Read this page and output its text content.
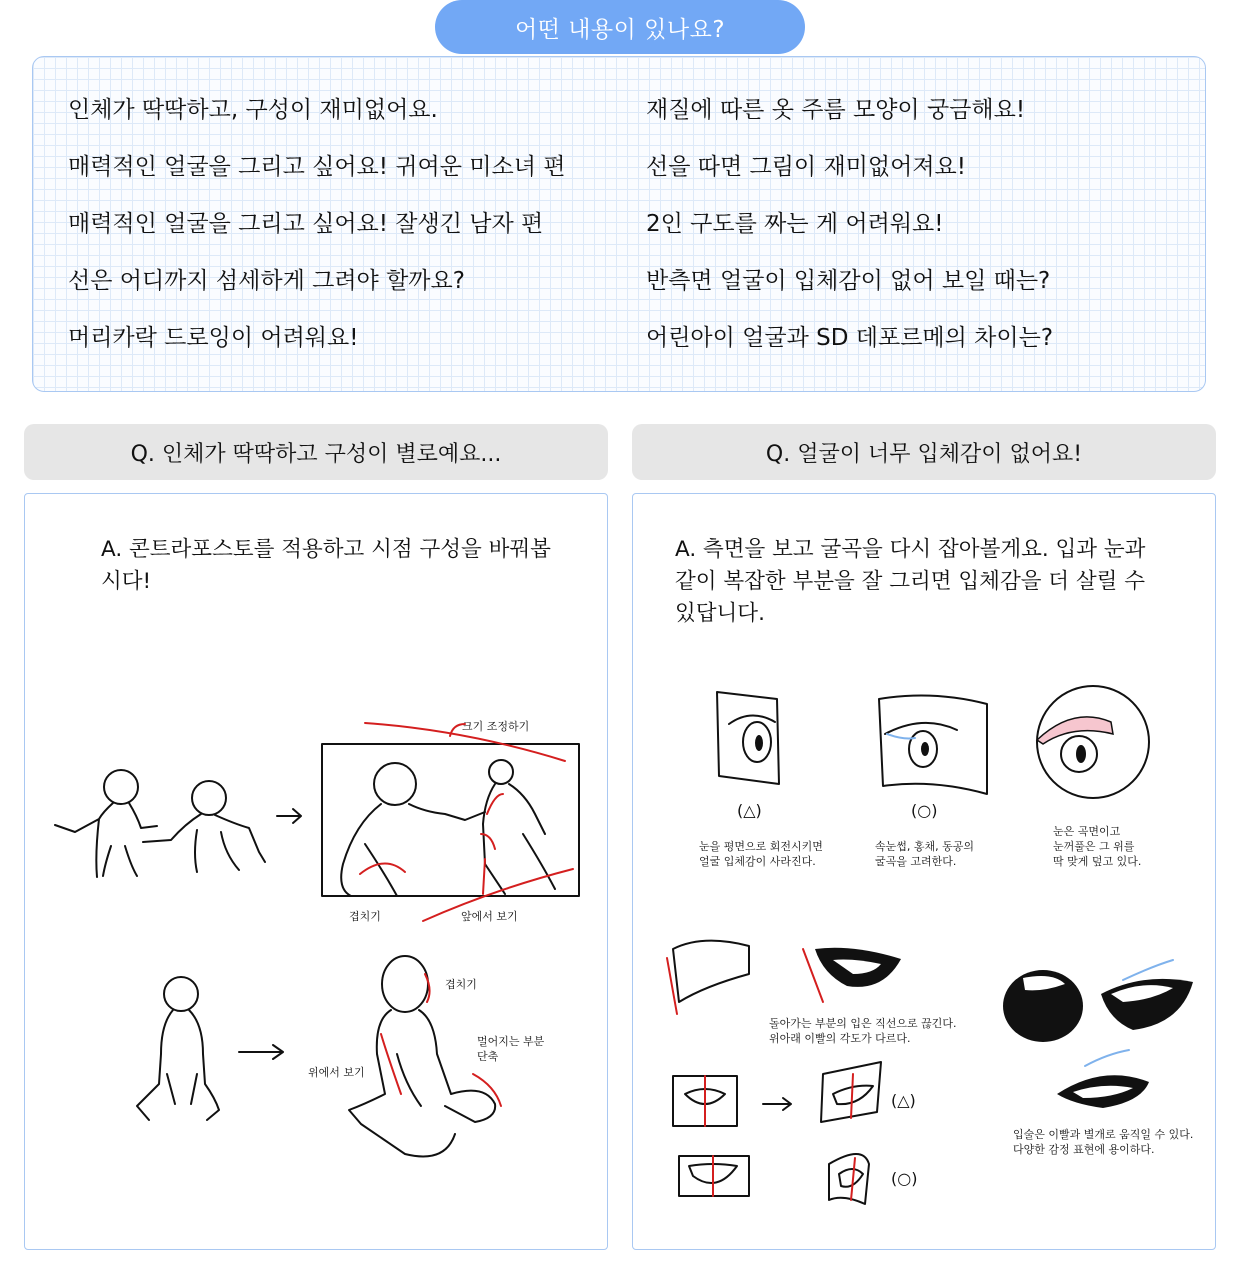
어떤 내용이 있나요?
인체가 딱딱하고, 구성이 재미없어요.
매력적인 얼굴을 그리고 싶어요! 귀여운 미소녀 편
매력적인 얼굴을 그리고 싶어요! 잘생긴 남자 편
선은 어디까지 섬세하게 그려야 할까요?
머리카락 드로잉이 어려워요!
재질에 따른 옷 주름 모양이 궁금해요!
선을 따면 그림이 재미없어져요!
2인 구도를 짜는 게 어려워요!
반측면 얼굴이 입체감이 없어 보일 때는?
어린아이 얼굴과 SD 데포르메의 차이는?
Q. 인체가 딱딱하고 구성이 별로예요...	Q. 얼굴이 너무 입체감이 없어요!
A. 콘트라포스토를 적용하고 시점 구성을 바꿔봅시다!
크기 조정하기
겹치기	앞에서 보기
겹치기
멀어지는 부분
단축
위에서 보기
A. 측면을 보고 굴곡을 다시 잡아볼게요. 입과 눈과 같이 복잡한 부분을 잘 그리면 입체감을 더 살릴 수 있답니다.
(△)	(○)
(△)
(○)
눈을 평면으로 회전시키면
얼굴 입체감이 사라진다.
속눈썹, 홍채, 동공의
굴곡을 고려한다.
눈은 곡면이고
눈꺼풀은 그 위를
딱 맞게 덮고 있다.
돌아가는 부분의 입은 직선으로 끊긴다.
위아래 이빨의 각도가 다르다.
입술은 이빨과 별개로 움직일 수 있다.
다양한 감정 표현에 용이하다.
